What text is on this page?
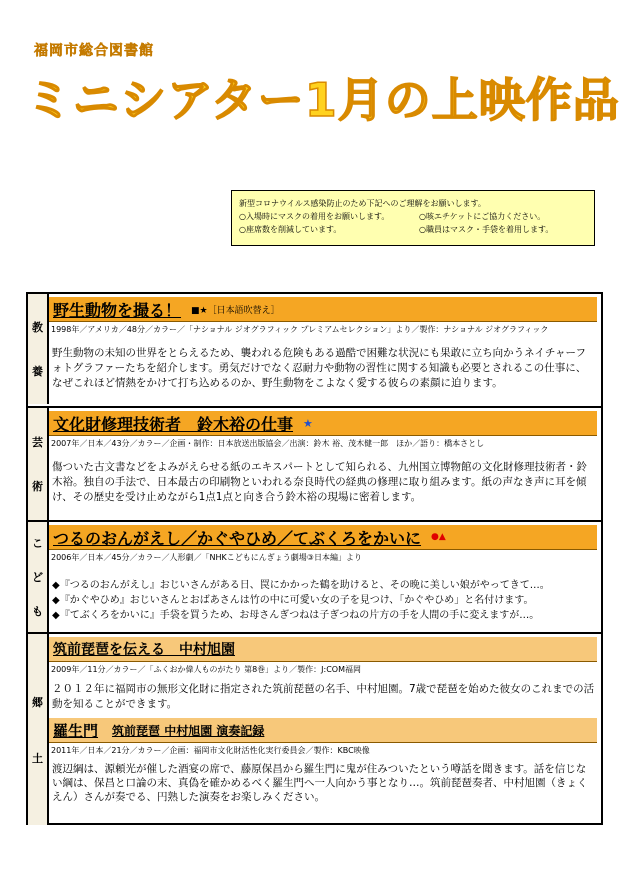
福岡市総合図書館
ミニシアター1月の上映作品
新型コロナウイルス感染防止のため下記へのご理解をお願いします。
○入場時にマスクの着用をお願いします。	○咳エチケットにご協力ください。
○座席数を削減しています。	○職員はマスク・手袋を着用します。
教
養
野生動物を撮る！ ■★［日本語吹替え］
1998年／アメリカ／48分／カラー／「ナショナル ジオグラフィック プレミアムセレクション」より／製作：ナショナル ジオグラフィック
野生動物の未知の世界をとらえるため、襲われる危険もある過酷で困難な状況にも果敢に立ち向かうネイチャーフォトグラファーたちを紹介します。勇気だけでなく忍耐力や動物の習性に関する知識も必要とされるこの仕事に、なぜこれほど情熱をかけて打ち込めるのか、野生動物をこよなく愛する彼らの素顔に迫ります。
芸
術
文化財修理技術者　鈴木裕の仕事 ★
2007年／日本／43分／カラー／企画・制作：日本放送出版協会／出演：鈴木 裕、茂木健一郎　ほか／語り：橋本さとし
傷ついた古文書などをよみがえらせる紙のエキスパートとして知られる、九州国立博物館の文化財修理技術者・鈴木裕。独自の手法で、日本最古の印刷物といわれる奈良時代の経典の修理に取り組みます。紙の声なき声に耳を傾け、その歴史を受け止めながら1点1点と向き合う鈴木裕の現場に密着します。
こ
ど
も
つるのおんがえし／かぐやひめ／てぶくろをかいに ●▲
2006年／日本／45分／カラー／人形劇／「NHKこどもにんぎょう劇場③日本編」より
◆『つるのおんがえし』おじいさんがある日、罠にかかった鶴を助けると、その晩に美しい娘がやってきて…。
◆『かぐやひめ』おじいさんとおばあさんは竹の中に可愛い女の子を見つけ、「かぐやひめ」と名付けます。
◆『てぶくろをかいに』手袋を買うため、お母さんぎつねは子ぎつねの片方の手を人間の手に変えますが…。
郷
土
筑前琵琶を伝える　中村旭園
2009年／11分／カラー／「ふくおか偉人ものがたり 第8巻」より／製作：J:COM福岡
２０１２年に福岡市の無形文化財に指定された筑前琵琶の名手、中村旭園。7歳で琵琶を始めた彼女のこれまでの活動を知ることができます。
羅生門 筑前琵琶 中村旭園 演奏記録
2011年／日本／21分／カラー／企画：福岡市文化財活性化実行委員会／製作：KBC映像
渡辺綱は、源頼光が催した酒宴の席で、藤原保昌から羅生門に鬼が住みついたという噂話を聞きます。話を信じない綱は、保昌と口論の末、真偽を確かめるべく羅生門へ一人向かう事となり…。筑前琵琶奏者、中村旭園（きょくえん）さんが奏でる、円熟した演奏をお楽しみください。
